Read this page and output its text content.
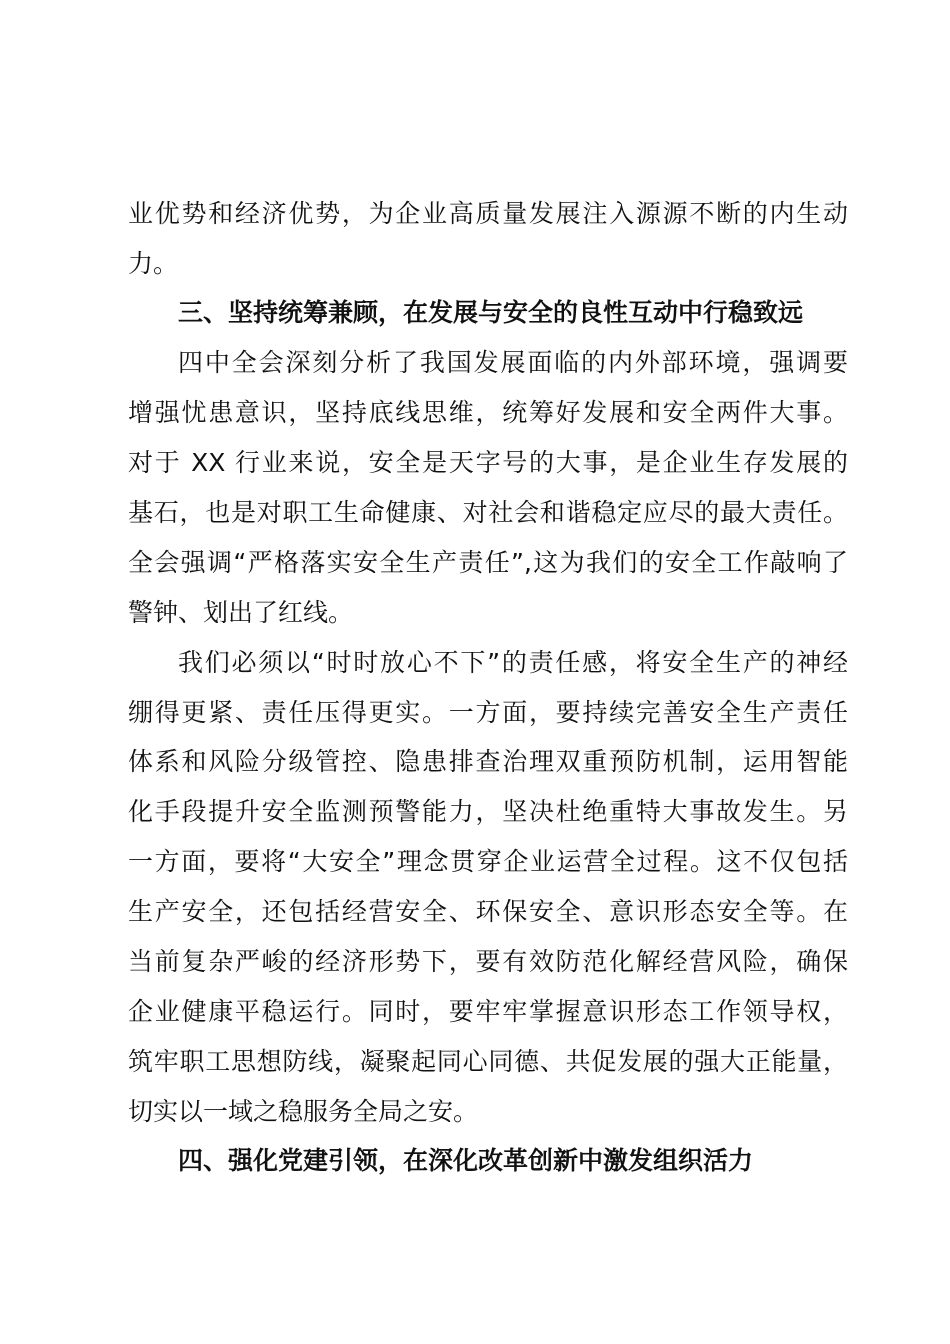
业优势和经济优势，为企业高质量发展注入源源不断的内生动
力。
三、坚持统筹兼顾，在发展与安全的良性互动中行稳致远
四中全会深刻分析了我国发展面临的内外部环境，强调要
增强忧患意识，坚持底线思维，统筹好发展和安全两件大事。
对于 XX 行业来说，安全是天字号的大事，是企业生存发展的
基石，也是对职工生命健康、对社会和谐稳定应尽的最大责任。
全会强调“严格落实安全生产责任”,这为我们的安全工作敲响了
警钟、划出了红线。
我们必须以“时时放心不下”的责任感，将安全生产的神经
绷得更紧、责任压得更实。一方面，要持续完善安全生产责任
体系和风险分级管控、隐患排查治理双重预防机制，运用智能
化手段提升安全监测预警能力，坚决杜绝重特大事故发生。另
一方面，要将“大安全”理念贯穿企业运营全过程。这不仅包括
生产安全，还包括经营安全、环保安全、意识形态安全等。在
当前复杂严峻的经济形势下，要有效防范化解经营风险，确保
企业健康平稳运行。同时，要牢牢掌握意识形态工作领导权，
筑牢职工思想防线，凝聚起同心同德、共促发展的强大正能量，
切实以一域之稳服务全局之安。
四、强化党建引领，在深化改革创新中激发组织活力
